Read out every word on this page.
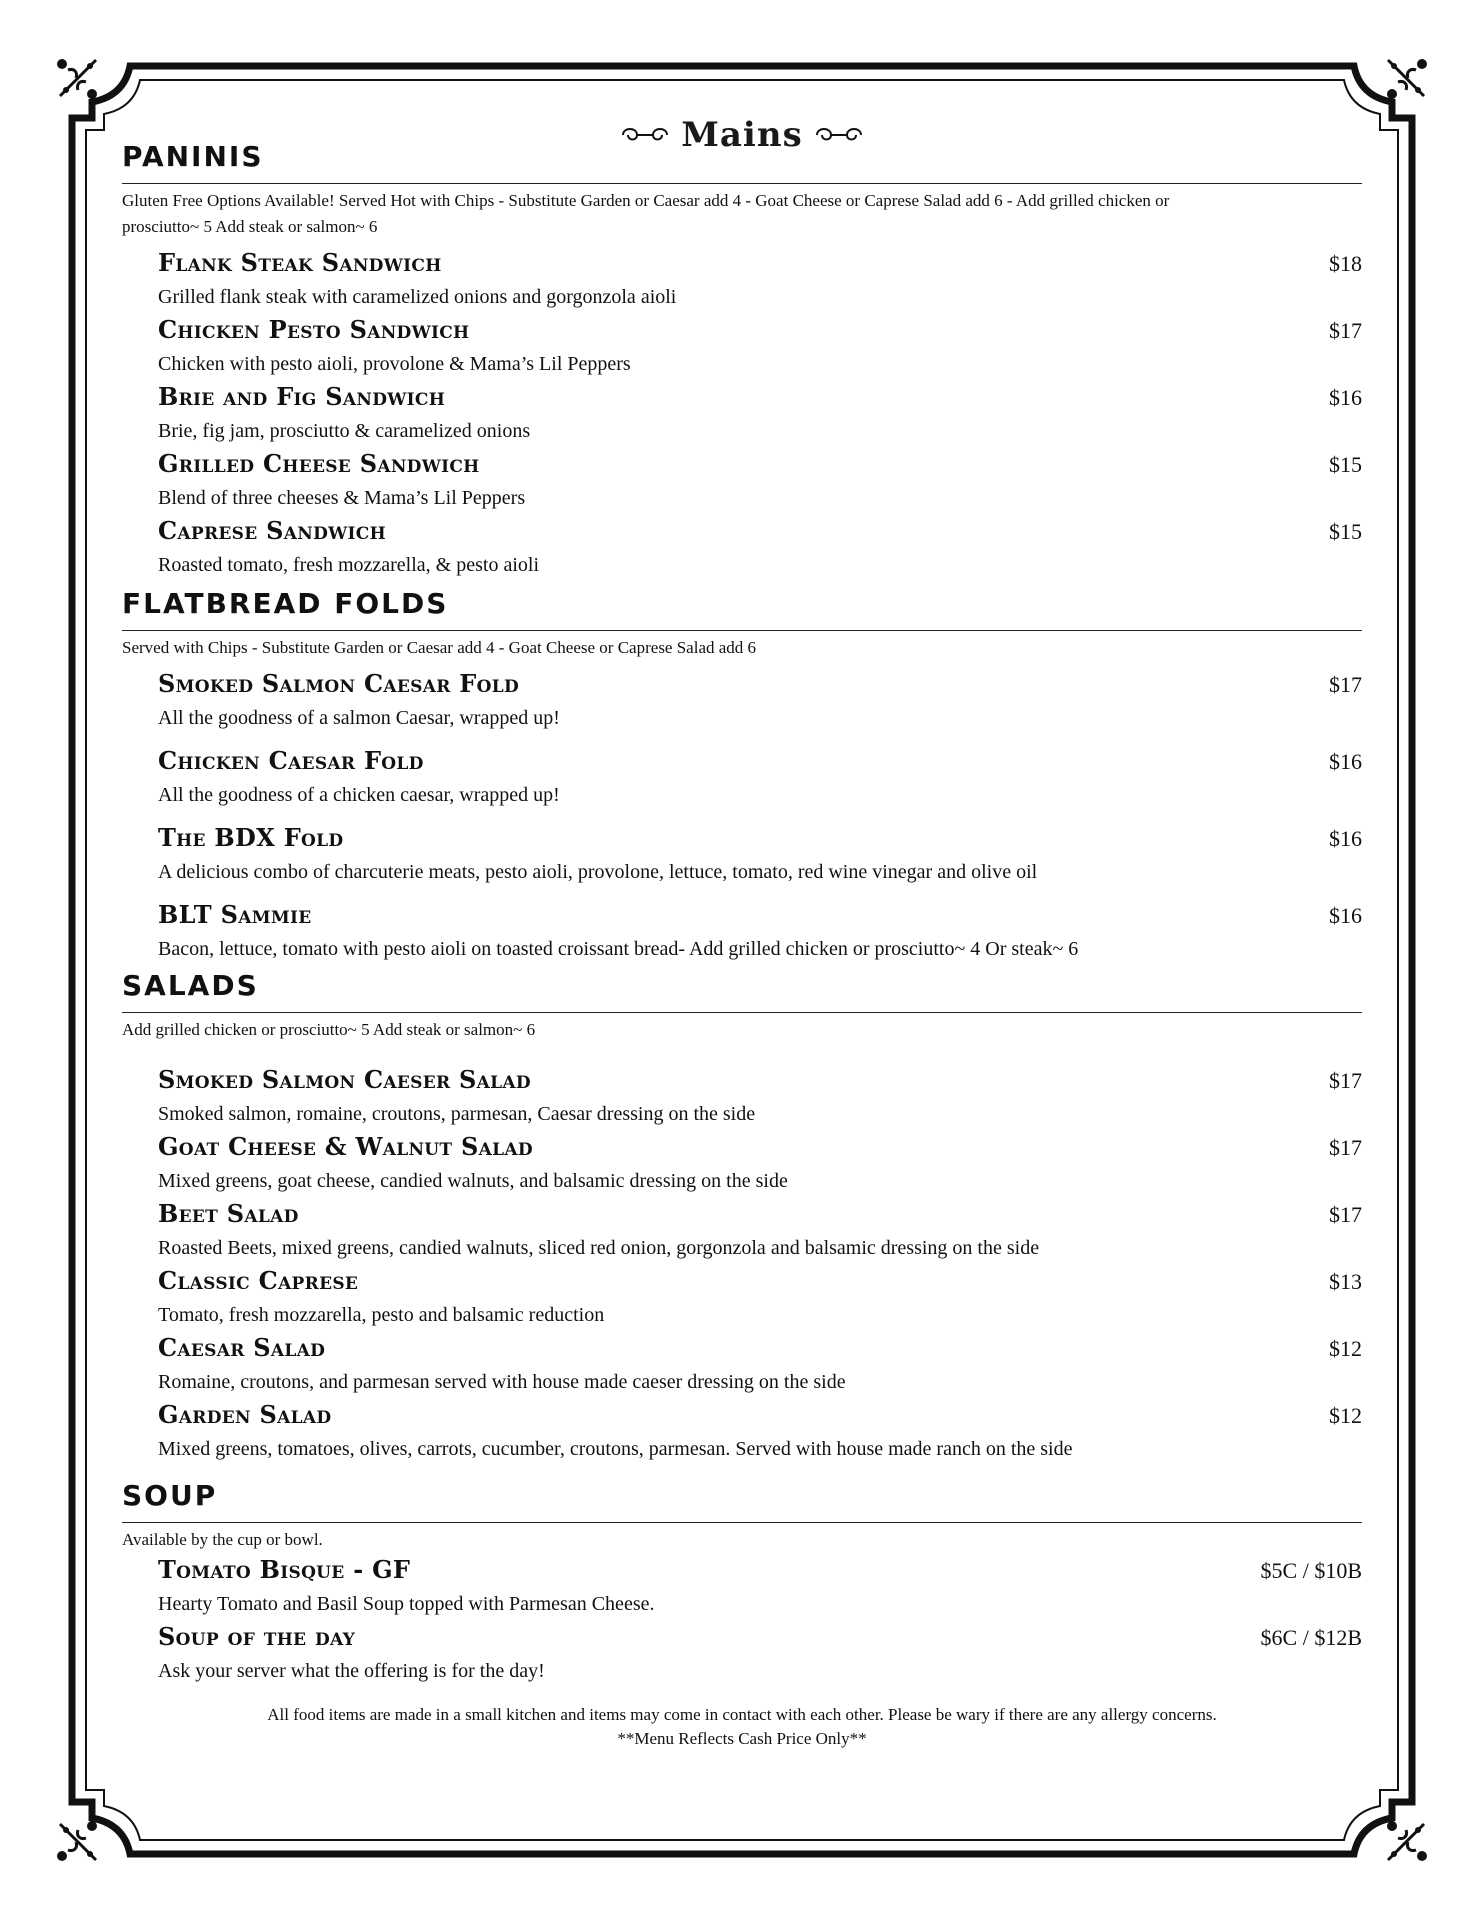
Mains
PANINIS
Gluten Free Options Available! Served Hot with Chips - Substitute Garden or Caesar add 4 - Goat Cheese or Caprese Salad add 6 - Add grilled chicken or prosciutto~ 5 Add steak or salmon~ 6
Flank Steak Sandwich	$18
Grilled flank steak with caramelized onions and gorgonzola aioli
Chicken Pesto Sandwich	$17
Chicken with pesto aioli, provolone & Mama’s Lil Peppers
Brie and Fig Sandwich	$16
Brie, fig jam, prosciutto & caramelized onions
Grilled Cheese Sandwich	$15
Blend of three cheeses & Mama’s Lil Peppers
Caprese Sandwich	$15
Roasted tomato, fresh mozzarella, & pesto aioli
FLATBREAD FOLDS
Served with Chips - Substitute Garden or Caesar add 4 - Goat Cheese or Caprese Salad add 6
Smoked Salmon Caesar Fold	$17
All the goodness of a salmon Caesar, wrapped up!
Chicken Caesar Fold	$16
All the goodness of a chicken caesar, wrapped up!
The BDX Fold	$16
A delicious combo of charcuterie meats, pesto aioli, provolone, lettuce, tomato, red wine vinegar and olive oil
BLT Sammie	$16
Bacon, lettuce, tomato with pesto aioli on toasted croissant bread- Add grilled chicken or prosciutto~ 4 Or steak~ 6
SALADS
Add grilled chicken or prosciutto~ 5 Add steak or salmon~ 6
Smoked Salmon Caeser Salad	$17
Smoked salmon, romaine, croutons, parmesan, Caesar dressing on the side
Goat Cheese & Walnut Salad	$17
Mixed greens, goat cheese, candied walnuts, and balsamic dressing on the side
Beet Salad	$17
Roasted Beets, mixed greens, candied walnuts, sliced red onion, gorgonzola and balsamic dressing on the side
Classic Caprese	$13
Tomato, fresh mozzarella, pesto and balsamic reduction
Caesar Salad	$12
Romaine, croutons, and parmesan served with house made caeser dressing on the side
Garden Salad	$12
Mixed greens, tomatoes, olives, carrots, cucumber, croutons, parmesan. Served with house made ranch on the side
SOUP
Available by the cup or bowl.
Tomato Bisque - GF	$5C / $10B
Hearty Tomato and Basil Soup topped with Parmesan Cheese.
Soup of the day	$6C / $12B
Ask your server what the offering is for the day!
All food items are made in a small kitchen and items may come in contact with each other. Please be wary if there are any allergy concerns.
**Menu Reflects Cash Price Only**
